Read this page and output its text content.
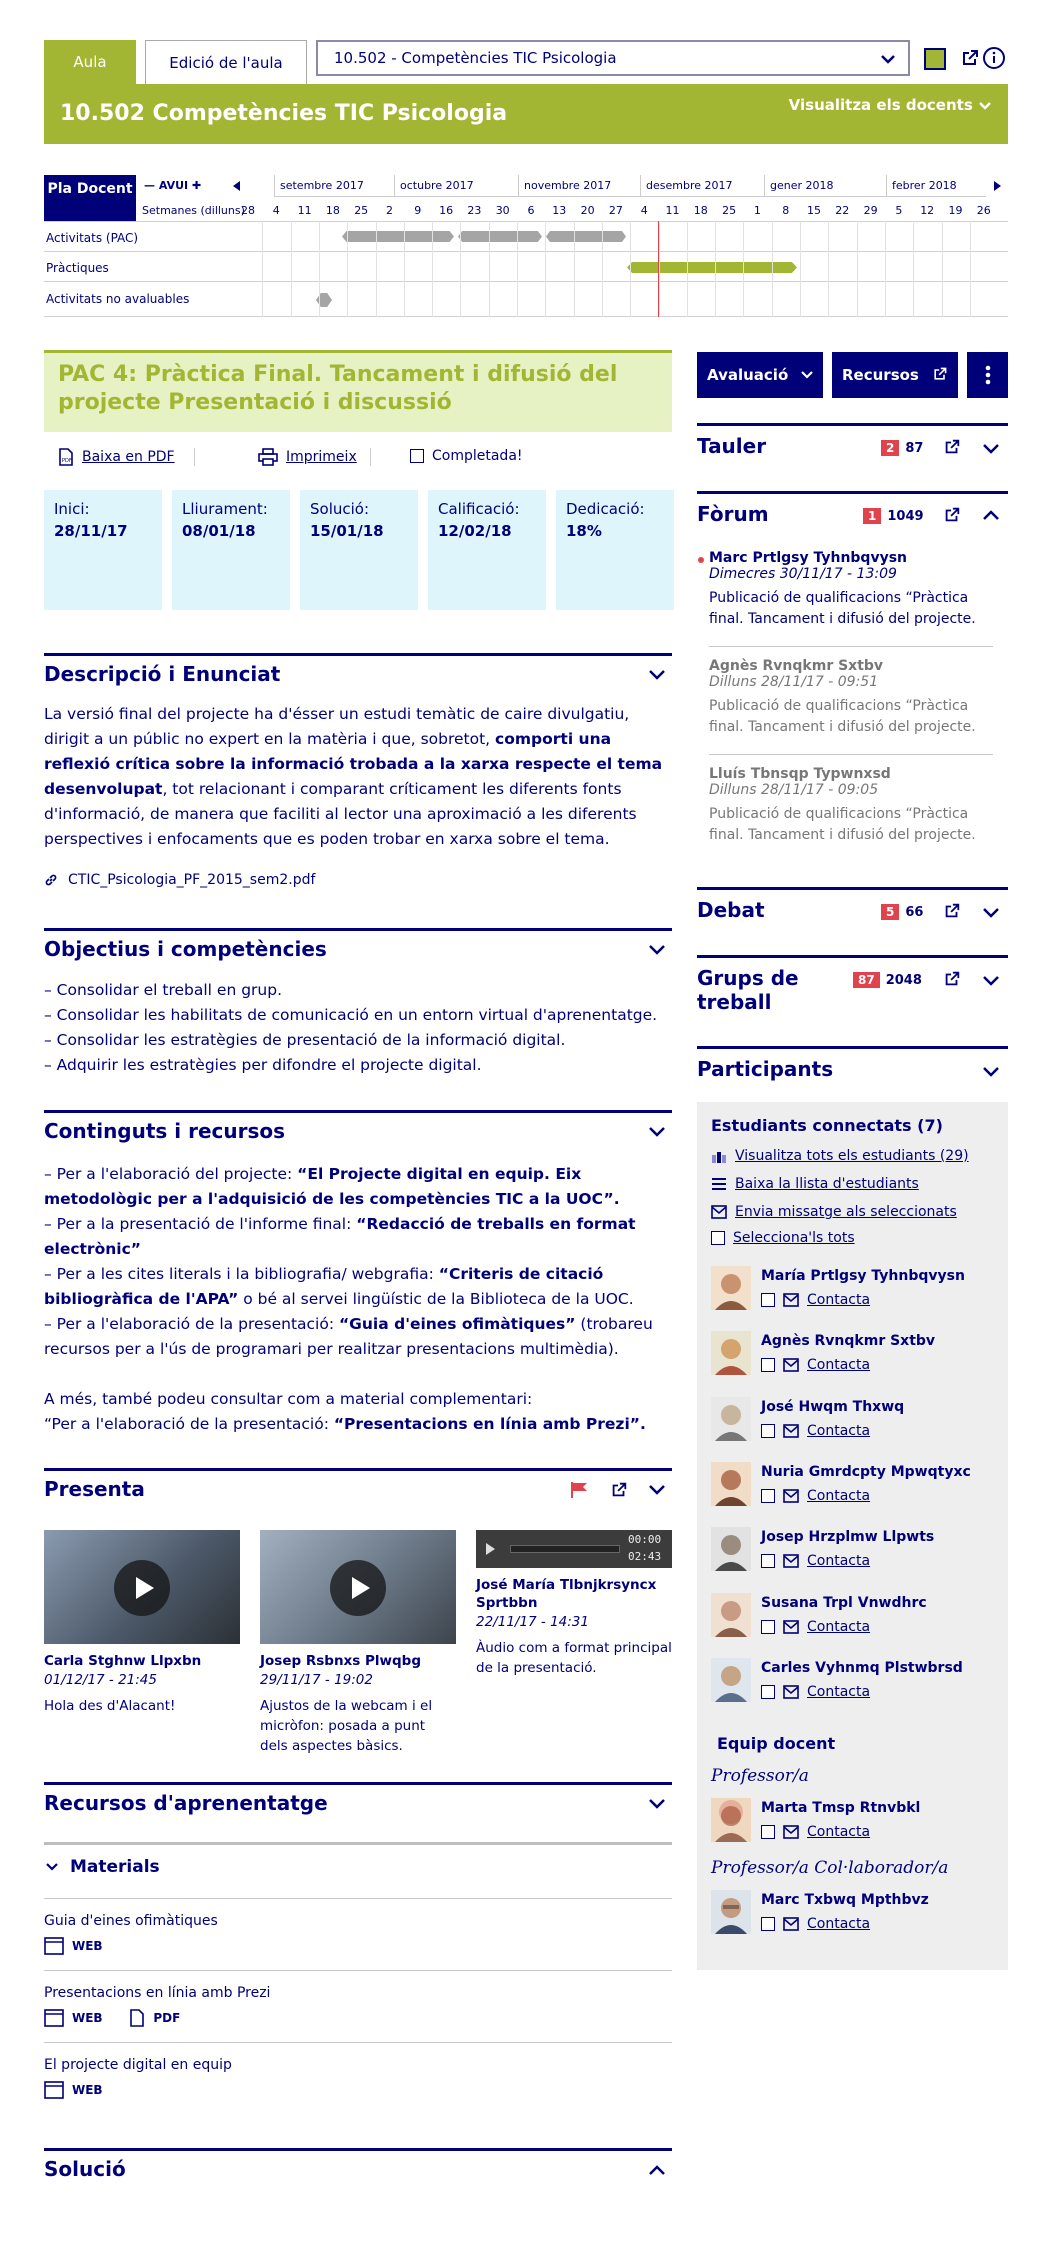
Aula	Edició de l'aula	10.502 - Competències TIC Psicologia
10.502 Competències TIC Psicologia	Visualitza els docents
Pla Docent	— AVUI ✚	setembre 2017	octubre 2017	novembre 2017	desembre 2017	gener 2018	febrer 2018
Setmanes (dilluns)
28	4	11 18 25	2	9	16 23 30	6	13 20 27	4	11 18 25	1	8	15 22 29	5	12 19 26
Activitats (PAC)
Pràctiques
Activitats no avaluables
PAC 4: Pràctica Final. Tancament i difusió del projecte Presentació i discussió
PDF Baixa en PDF	Imprimeix	Completada!
Inici:
28/11/17
Lliurament:
08/01/18
Solució:
15/01/18
Calificació:
12/02/18
Dedicació:
18%
Descripció i Enunciat
La versió final del projecte ha d'ésser un estudi temàtic de caire divulgatiu, dirigit a un públic no expert en la matèria i que, sobretot, comporti una reflexió crítica sobre la informació trobada a la xarxa respecte el tema desenvolupat, tot relacionant i comparant críticament les diferents fonts d'informació, de manera que faciliti al lector una aproximació a les diferents perspectives i enfocaments que es poden trobar en xarxa sobre el tema.
CTIC_Psicologia_PF_2015_sem2.pdf
Objectius i competències
– Consolidar el treball en grup.
– Consolidar les habilitats de comunicació en un entorn virtual d'aprenentatge.
– Consolidar les estratègies de presentació de la informació digital.
– Adquirir les estratègies per difondre el projecte digital.
Continguts i recursos
– Per a l'elaboració del projecte: “El Projecte digital en equip. Eix metodològic per a l'adquisició de les competències TIC a la UOC”.
– Per a la presentació de l'informe final: “Redacció de treballs en format electrònic”
– Per a les cites literals i la bibliografia/ webgrafia: “Criteris de citació bibliogràfica de l'APA” o bé al servei lingüístic de la Biblioteca de la UOC.
– Per a l'elaboració de la presentació: “Guia d'eines ofimàtiques” (trobareu recursos per a l'ús de programari per realitzar presentacions multimèdia).
A més, també podeu consultar com a material complementari:
“Per a l'elaboració de la presentació: “Presentacions en línia amb Prezi”.
Presenta
Carla Stghnw Llpxbn
01/12/17 - 21:45
Hola des d'Alacant!
Josep Rsbnxs Plwqbg
29/11/17 - 19:02
Ajustos de la webcam i el micròfon: posada a punt dels aspectes bàsics.
00:00
02:43
José María Tlbnjkrsyncx Sprtbbn
22/11/17 - 14:31
Àudio com a format principal de la presentació.
Recursos d'aprenentatge
Materials
Guia d'eines ofimàtiques
WEB
Presentacions en línia amb Prezi
WEB
	PDF
El projecte digital en equip
WEB
Solució
Avaluació	Recursos
Tauler	2 87
Fòrum	1 1049
Marc Prtlgsy Tyhnbqvysn
Dimecres 30/11/17 - 13:09
Publicació de qualificacions “Pràctica final. Tancament i difusió del projecte.
Agnès Rvnqkmr Sxtbv
Dilluns 28/11/17 - 09:51
Publicació de qualificacions “Pràctica final. Tancament i difusió del projecte.
Lluís Tbnsqp Typwnxsd
Dilluns 28/11/17 - 09:05
Publicació de qualificacions “Pràctica final. Tancament i difusió del projecte.
Debat	5 66
Grups de treball
87 2048
Participants
Estudiants connectats (7)
Visualitza tots els estudiants (29)
Baixa la llista d'estudiants
Envia missatge als seleccionats
Selecciona'ls tots
María Prtlgsy Tyhnbqvysn
Contacta
Agnès Rvnqkmr Sxtbv
Contacta
José Hwqm Thxwq
Contacta
Nuria Gmrdcpty Mpwqtyxc
Contacta
Josep Hrzplmw Llpwts
Contacta
Susana Trpl Vnwdhrc
Contacta
Carles Vyhnmq Plstwbrsd
Contacta
Equip docent
Professor/a
Marta Tmsp Rtnvbkl
Contacta
Professor/a Col·laborador/a
Marc Txbwq Mpthbvz
Contacta
